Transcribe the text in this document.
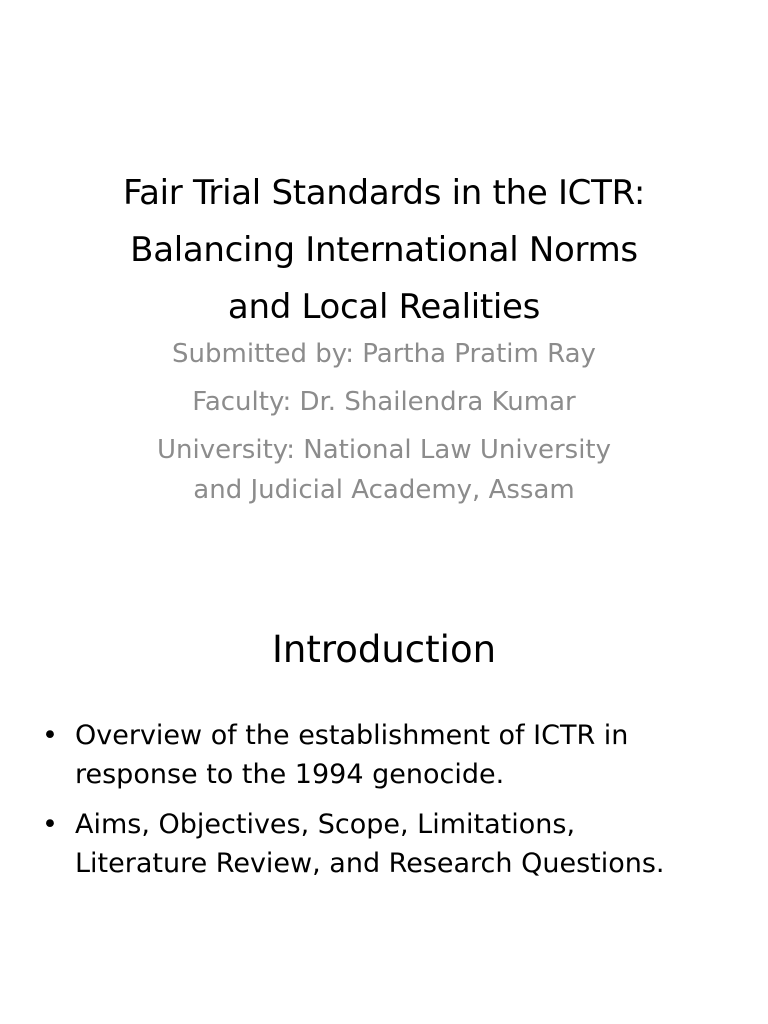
Fair Trial Standards in the ICTR:
Balancing International Norms
and Local Realities

Submitted by: Partha Pratim Ray

Faculty: Dr. Shailendra Kumar

University: National Law University
and Judicial Academy, Assam

Introduction
• Overview of the establishment of ICTR in
response to the 1994 genocide.
• Aims, Objectives, Scope, Limitations,
Literature Review, and Research Questions.
